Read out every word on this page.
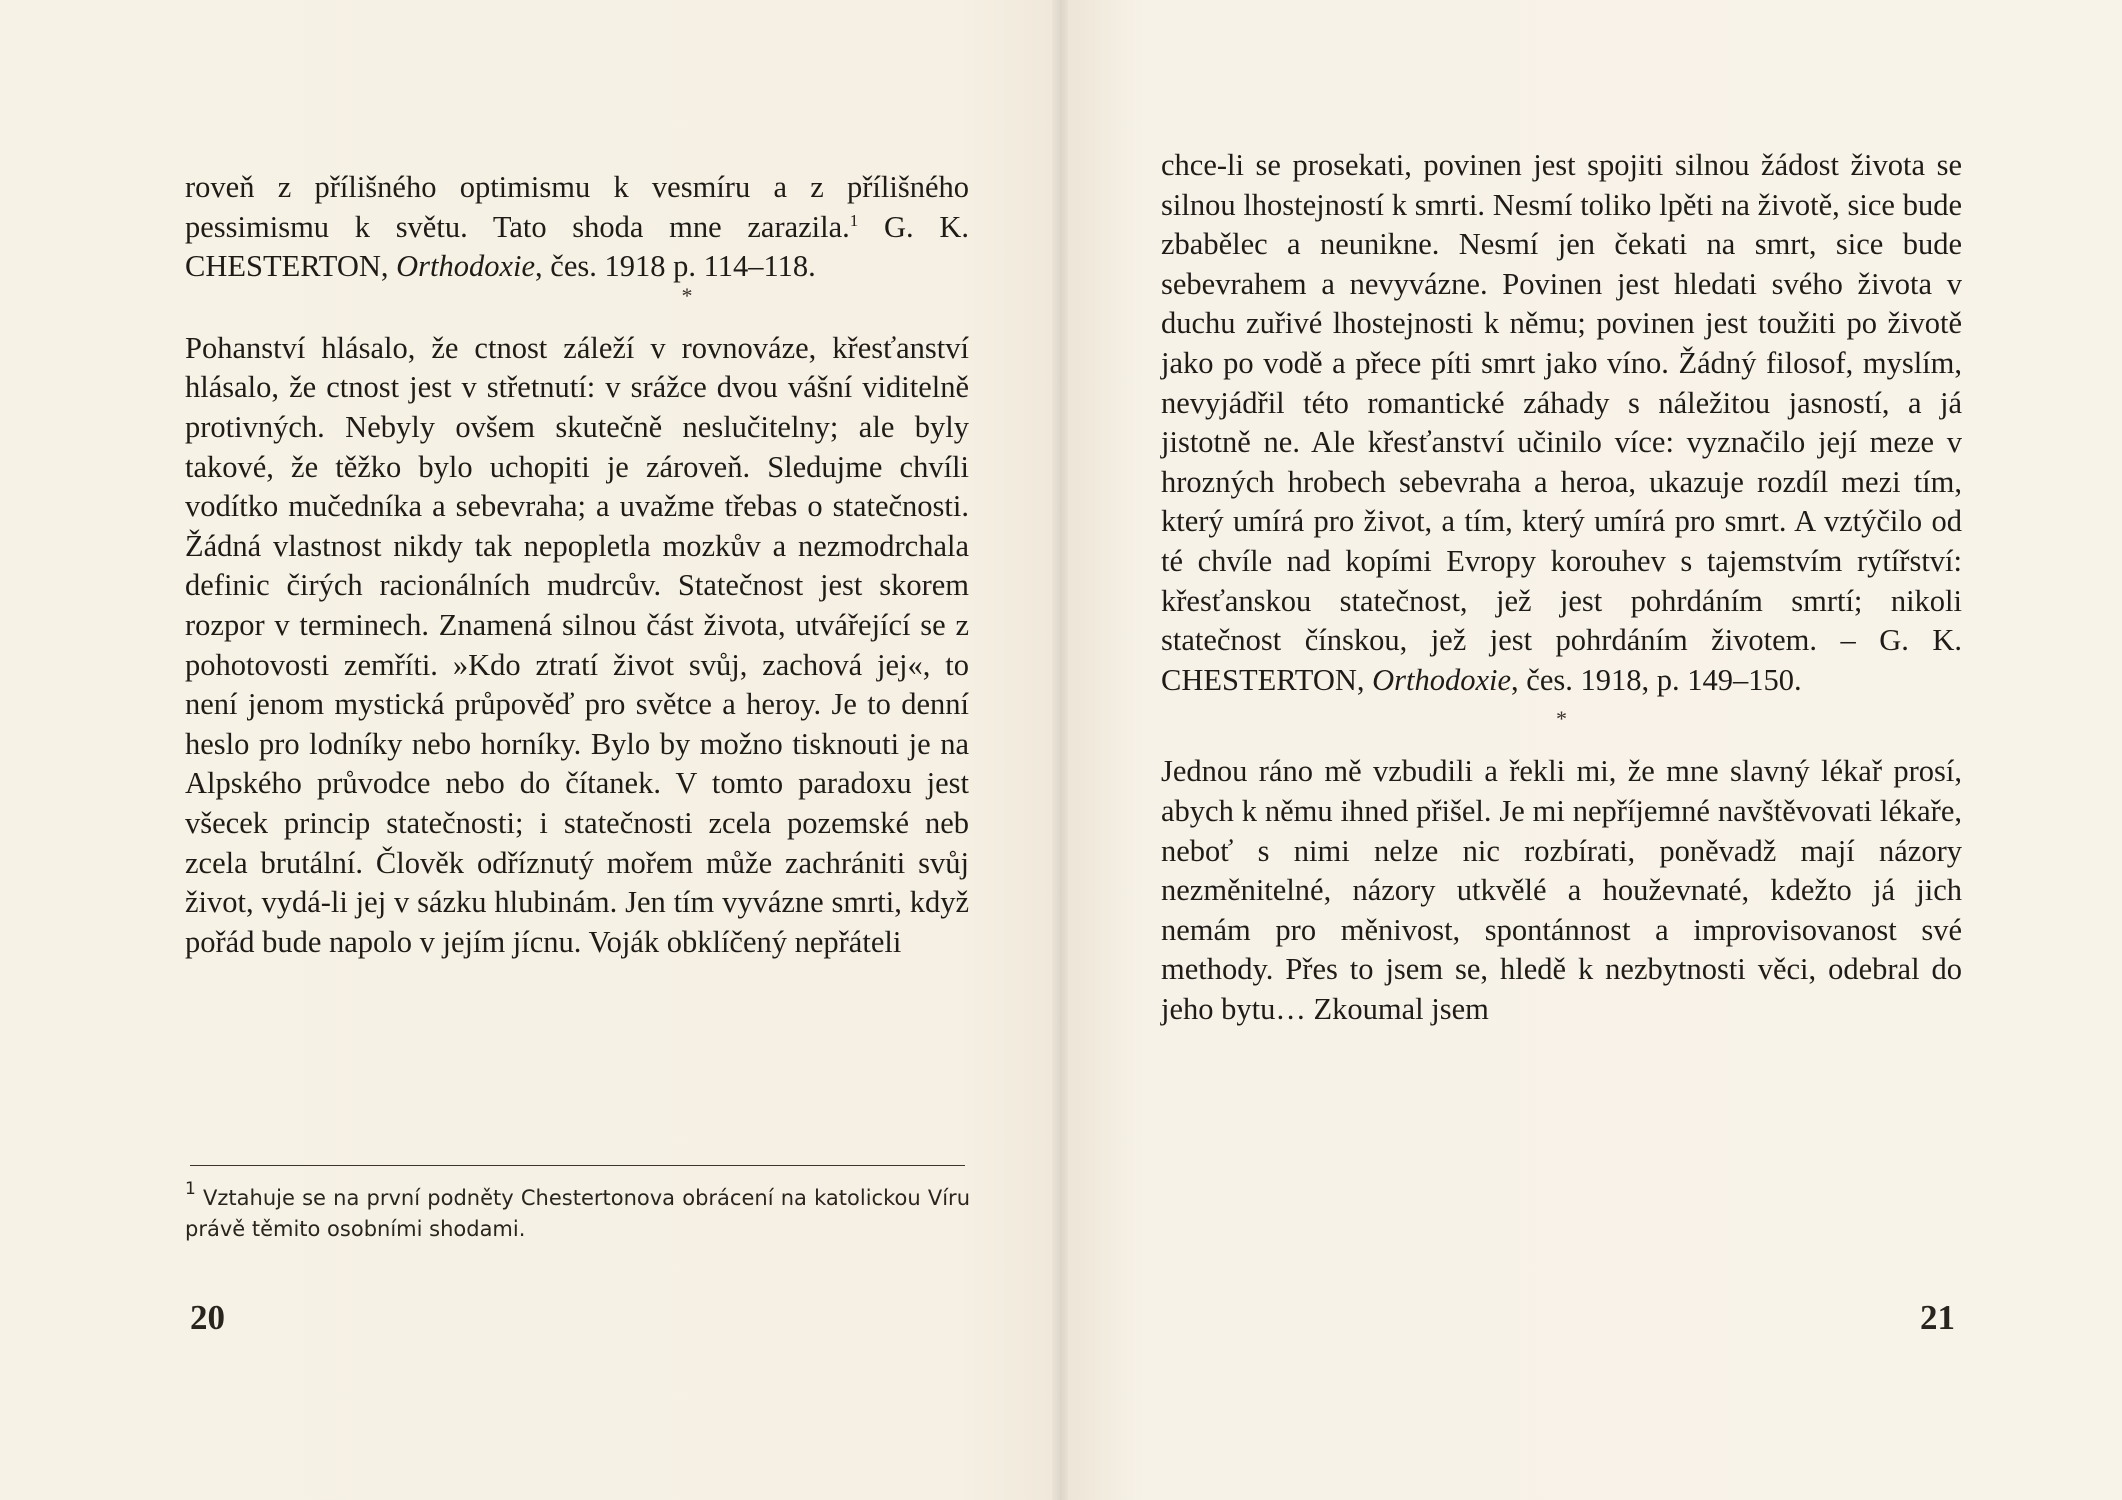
roveň z přílišného optimismu k vesmíru a z přílišného pessimismu k světu. Tato shoda mne zarazila.$^1$ G. K. CHESTERTON, Orthodoxie, čes. 1918 p. 114–118.

*

Pohanství hlásalo, že ctnost záleží v rovnováze, křesťanství hlásalo, že ctnost jest v střetnutí: v srážce dvou vášní viditelně protivných. Nebyly ovšem skutečně neslučitelny; ale byly takové, že těžko bylo uchopiti je zároveň. Sledujme chvíli vodítko mučedníka a sebevraha; a uvažme třebas o statečnosti. Žádná vlastnost nikdy tak nepopletla mozkův a nezmodrchala definic čirých racionálních mudrcův. Statečnost jest skorem rozpor v terminech. Znamená silnou část života, utvářející se z pohotovosti zemříti. »Kdo ztratí život svůj, zachová jej«, to není jenom mystická průpověď pro světce a heroy. Je to denní heslo pro lodníky nebo horníky. Bylo by možno tisknouti je na Alpského průvodce nebo do čítanek. V tomto paradoxu jest všecek princip statečnosti; i statečnosti zcela pozemské neb zcela brutální. Člověk odříznutý mořem může zachrániti svůj život, vydá-li jej v sázku hlubinám. Jen tím vyvázne smrti, když pořád bude napolo v jejím jícnu. Voják obklíčený nepřáteli

$^1$ Vztahuje se na první podněty Chestertonova obrácení na katolickou Víru právě těmito osobními shodami.
20

chce-li se prosekati, povinen jest spojiti silnou žádost života se silnou lhostejností k smrti. Nesmí toliko lpěti na životě, sice bude zbabělec a neunikne. Nesmí jen čekati na smrt, sice bude sebevrahem a nevyvázne. Povinen jest hledati svého života v duchu zuřivé lhostejnosti k němu; povinen jest toužiti po životě jako po vodě a přece píti smrt jako víno. Žádný filosof, myslím, nevyjádřil této romantické záhady s náležitou jasností, a já jistotně ne. Ale křesťanství učinilo více: vyznačilo její meze v hrozných hrobech sebevraha a heroa, ukazuje rozdíl mezi tím, který umírá pro život, a tím, který umírá pro smrt. A vztýčilo od té chvíle nad kopími Evropy korouhev s tajemstvím rytířství: křesťanskou statečnost, jež jest pohrdáním smrtí; nikoli statečnost čínskou, jež jest pohrdáním životem. – G. K. CHESTERTON, Orthodoxie, čes. 1918, p. 149–150.

*

Jednou ráno mě vzbudili a řekli mi, že mne slavný lékař prosí, abych k němu ihned přišel. Je mi nepříjemné navštěvovati lékaře, neboť s nimi nelze nic rozbírati, poněvadž mají názory nezměnitelné, názory utkvělé a houževnaté, kdežto já jich nemám pro měnivost, spontánnost a improvisovanost své methody. Přes to jsem se, hledě k nezbytnosti věci, odebral do jeho bytu… Zkoumal jsem

21
